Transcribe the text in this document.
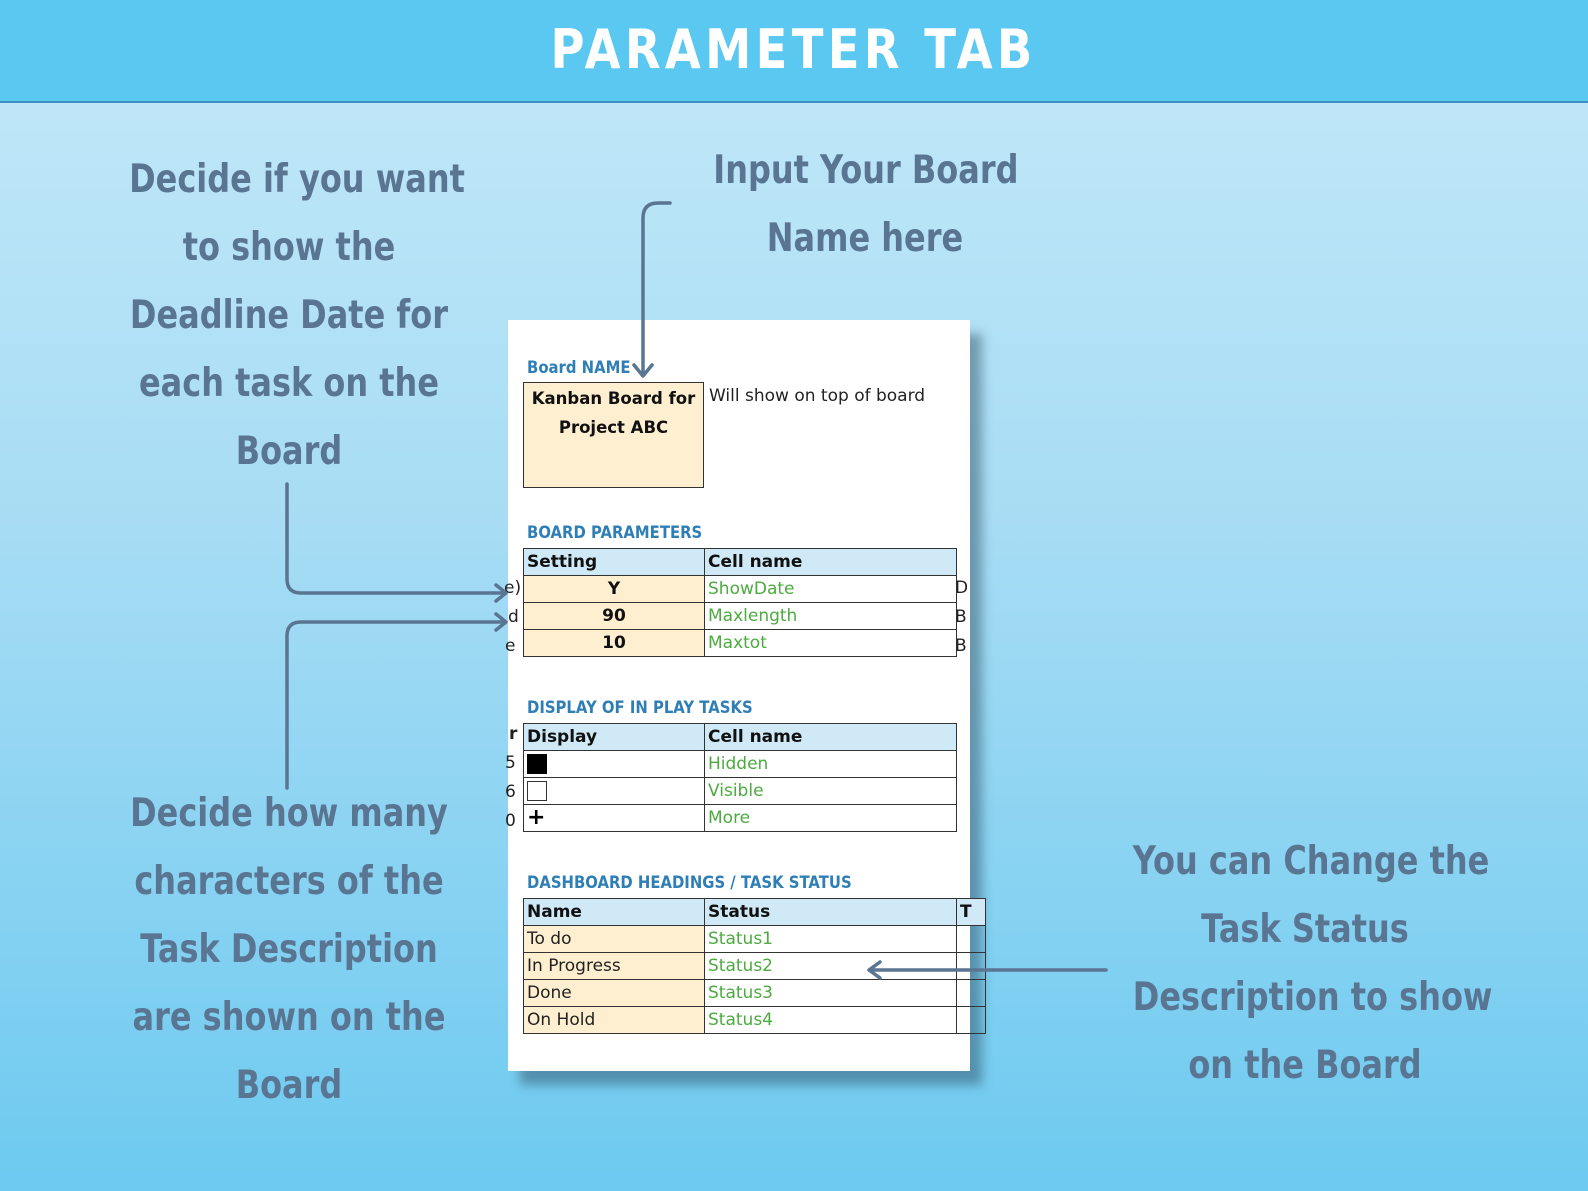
PARAMETER TAB
Decide if you want
to show the
Deadline Date for
each task on the
Board
Input Your Board
Name here
Decide how many
characters of the
Task Description
are shown on the
Board
You can Change the
Task Status
Description to show
on the Board
Board NAME
Kanban Board for
Project ABC
Will show on top of board
BOARD PARAMETERS
e)
d
e
Setting	Cell name
Y	ShowDate
90	Maxlength
10	Maxtot
D
B
B
DISPLAY OF IN PLAY TASKS
r
5
6
0
Display	Cell name
	Hidden
	Visible
+	More
DASHBOARD HEADINGS / TASK STATUS
Name	Status	T
To do	Status1	
In Progress	Status2	
Done	Status3	
On Hold	Status4	
